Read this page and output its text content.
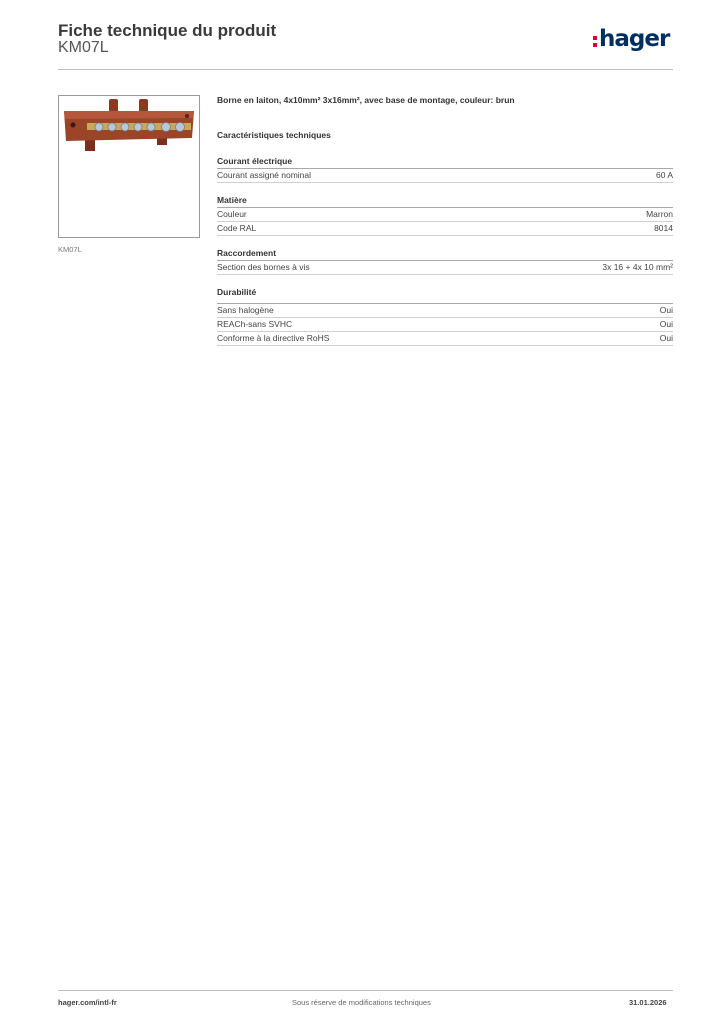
Fiche technique du produit
KM07L	hager
KM07L
Borne en laiton, 4x10mm² 3x16mm², avec base de montage, couleur: brun
Caractéristiques techniques
Courant électrique
Courant assigné nominal	60 A
Matière
Couleur	Marron
Code RAL	8014
Raccordement
Section des bornes à vis	3x 16 + 4x 10 mm²
Durabilité
Sans halogène	Oui
REACh-sans SVHC	Oui
Conforme à la directive RoHS	Oui
hager.com/intl-fr	Sous réserve de modifications techniques	31.01.2026
